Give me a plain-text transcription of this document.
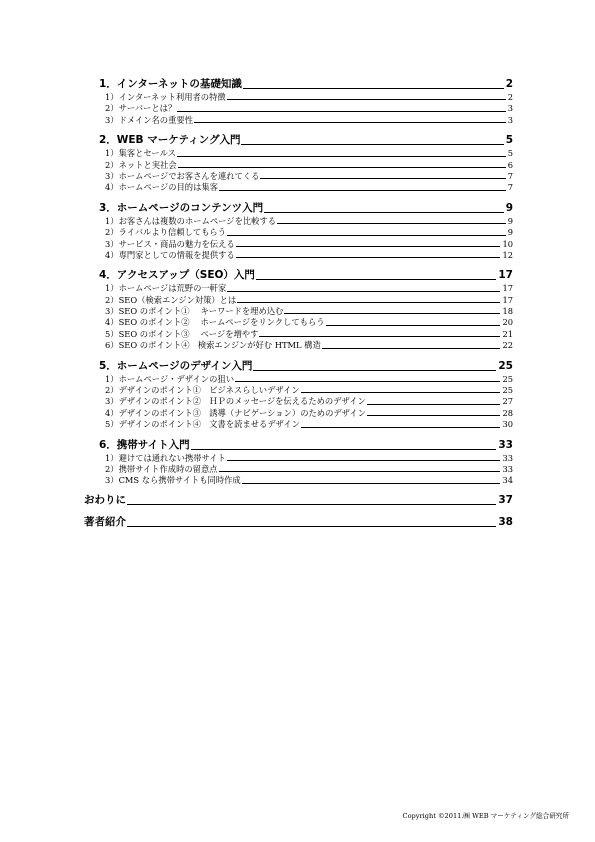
1．インターネットの基礎知識	2
1）インターネット利用者の特徴	2
2）サーバーとは？	3
3）ドメイン名の重要性	3
2．WEB マーケティング入門	5
1）集客とセールス	5
2）ネットと実社会	6
3）ホームページでお客さんを連れてくる	7
4）ホームページの目的は集客	7
3．ホームページのコンテンツ入門	9
1）お客さんは複数のホームページを比較する	9
2）ライバルより信頼してもらう	9
3）サービス・商品の魅力を伝える	10
4）専門家としての情報を提供する	12
4．アクセスアップ（SEO）入門	17
1）ホームページは荒野の一軒家	17
2）SEO（検索エンジン対策）とは	17
3）SEO のポイント①　 キーワードを埋め込む	18
4）SEO のポイント②　 ホームページをリンクしてもらう	20
5）SEO のポイント③　 ページを増やす	21
6）SEO のポイント④　検索エンジンが好む HTML 構造	22
5．ホームページのデザイン入門	25
1）ホームページ・デザインの狙い	25
2）デザインのポイント①　ビジネスらしいデザイン	25
3）デザインのポイント②　ＨＰのメッセージを伝えるためのデザイン	27
4）デザインのポイント③　誘導（ナビゲーション）のためのデザイン	28
5）デザインのポイント④　文書を読ませるデザイン	30
6．携帯サイト入門	33
1）避けては通れない携帯サイト	33
2）携帯サイト作成時の留意点	33
3）CMS なら携帯サイトも同時作成	34
おわりに	37
著者紹介	38
Copyright ©2011.㈱ WEB マーケティング総合研究所
